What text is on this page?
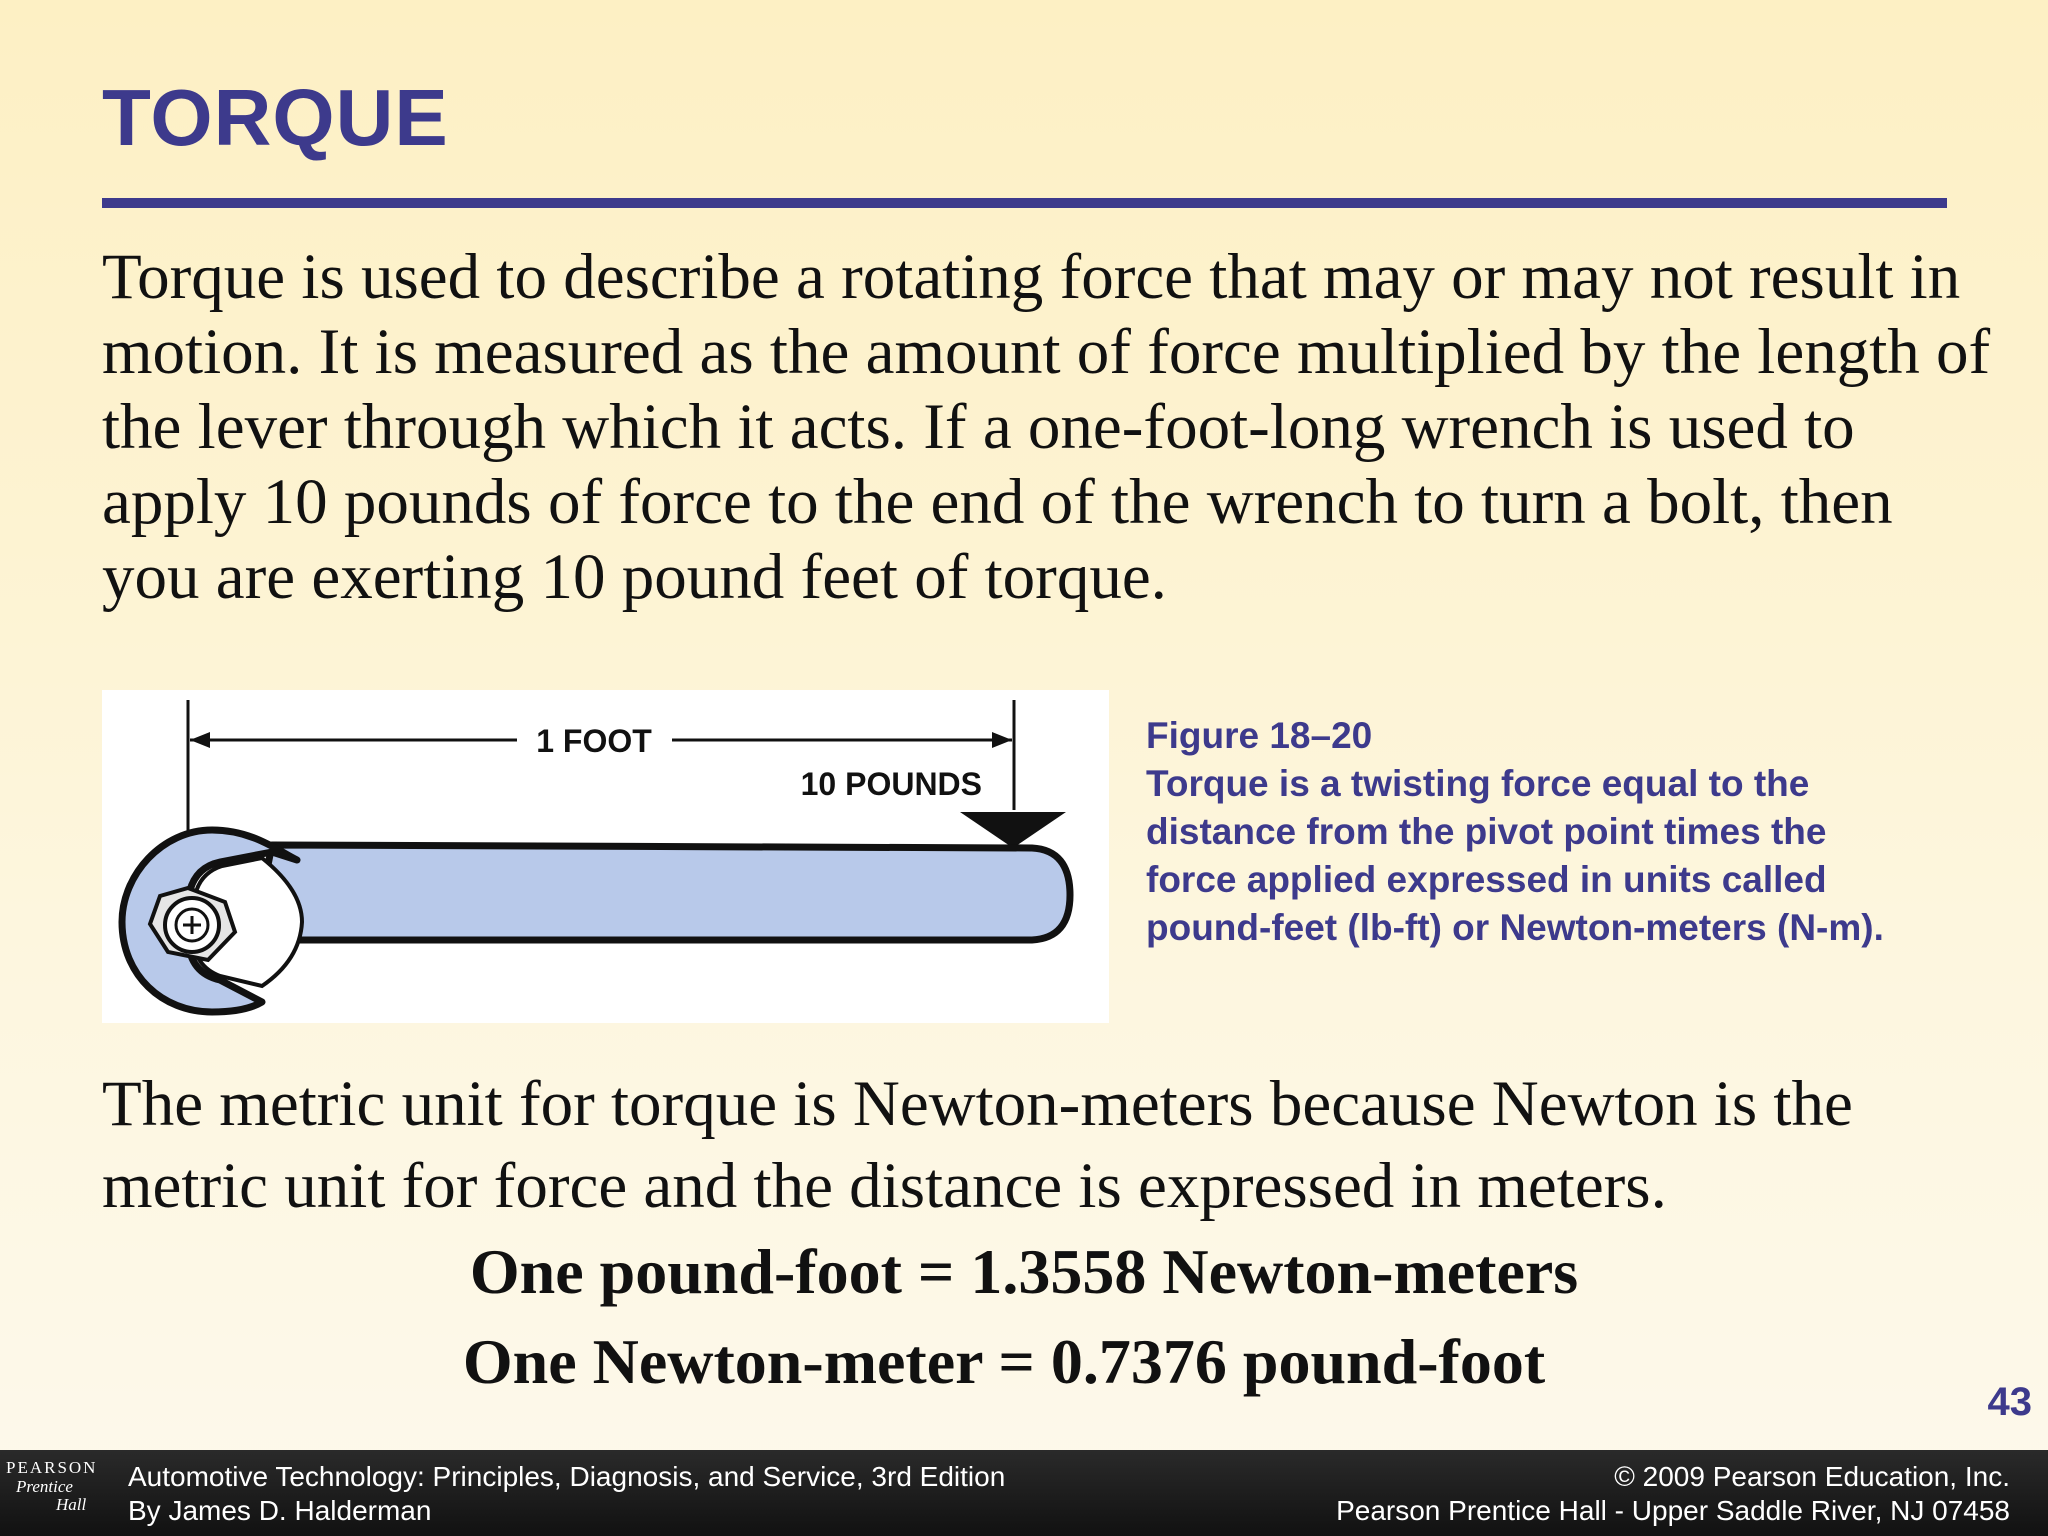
TORQUE

Torque is used to describe a rotating force that may or may not result in motion. It is measured as the amount of force multiplied by the length of the lever through which it acts. If a one-foot-long wrench is used to apply 10 pounds of force to the end of the wrench to turn a bolt, then you are exerting 10 pound feet of torque.

1 FOOT
10 POUNDS
Figure 18–20
Torque is a twisting force equal to the
distance from the pivot point times the
force applied expressed in units called
pound-feet (lb-ft) or Newton-meters (N-m).

The metric unit for torque is Newton-meters because Newton is the metric unit for force and the distance is expressed in meters.

One pound-foot = 1.3558 Newton-meters
One Newton-meter = 0.7376 pound-foot
43
PEARSON
Prentice
Hall
Automotive Technology: Principles, Diagnosis, and Service, 3rd Edition
By James D. Halderman
© 2009 Pearson Education, Inc.
Pearson Prentice Hall - Upper Saddle River, NJ 07458
